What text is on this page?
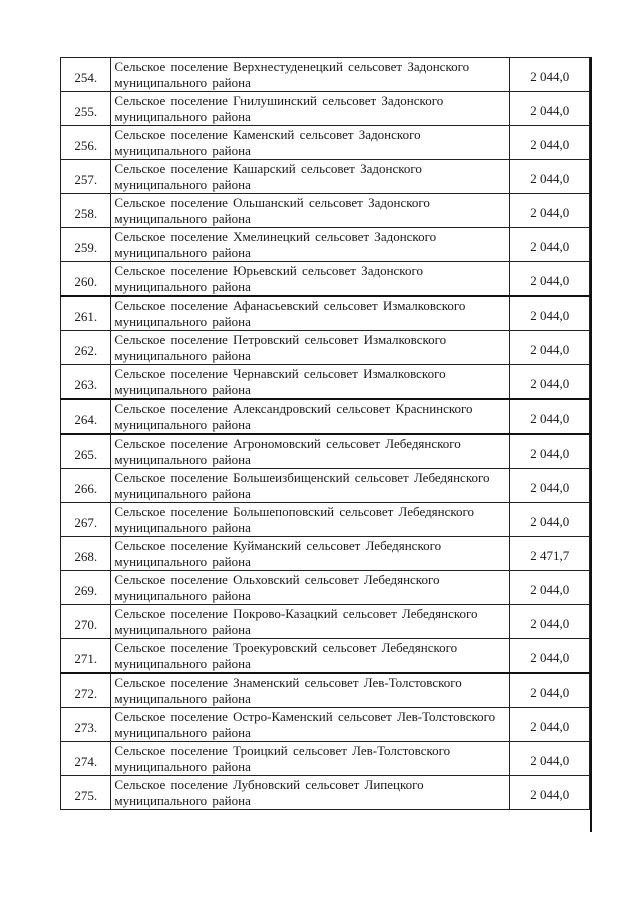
254.	Сельское поселение Верхнестуденецкий сельсовет Задонского муниципального района	2 044,0

255.	Сельское поселение Гнилушинский сельсовет Задонского муниципального района	2 044,0

256.	Сельское поселение Каменский сельсовет Задонского муниципального района	2 044,0

257.	Сельское поселение Кашарский сельсовет Задонского муниципального района	2 044,0

258.	Сельское поселение Ольшанский сельсовет Задонского муниципального района	2 044,0

259.	Сельское поселение Хмелинецкий сельсовет Задонского муниципального района	2 044,0

260.	Сельское поселение Юрьевский сельсовет Задонского муниципального района	2 044,0

261.	Сельское поселение Афанасьевский сельсовет Измалковского муниципального района	2 044,0

262.	Сельское поселение Петровский сельсовет Измалковского муниципального района	2 044,0

263.	Сельское поселение Чернавский сельсовет Измалковского муниципального района	2 044,0

264.	Сельское поселение Александровский сельсовет Краснинского муниципального района	2 044,0

265.	Сельское поселение Агрономовский сельсовет Лебедянского муниципального района	2 044,0

266.	Сельское поселение Большеизбищенский сельсовет Лебедянского муниципального района	2 044,0

267.	Сельское поселение Большепоповский сельсовет Лебедянского муниципального района	2 044,0

268.	Сельское поселение Куйманский сельсовет Лебедянского муниципального района	2 471,7

269.	Сельское поселение Ольховский сельсовет Лебедянского муниципального района	2 044,0

270.	Сельское поселение Покрово-Казацкий сельсовет Лебедянского муниципального района	2 044,0

271.	Сельское поселение Троекуровский сельсовет Лебедянского муниципального района	2 044,0

272.	Сельское поселение Знаменский сельсовет Лев-Толстовского муниципального района	2 044,0

273.	Сельское поселение Остро-Каменский сельсовет Лев-Толстовского муниципального района	2 044,0

274.	Сельское поселение Троицкий сельсовет Лев-Толстовского муниципального района	2 044,0

275.	Сельское поселение Лубновский сельсовет Липецкого муниципального района	2 044,0
